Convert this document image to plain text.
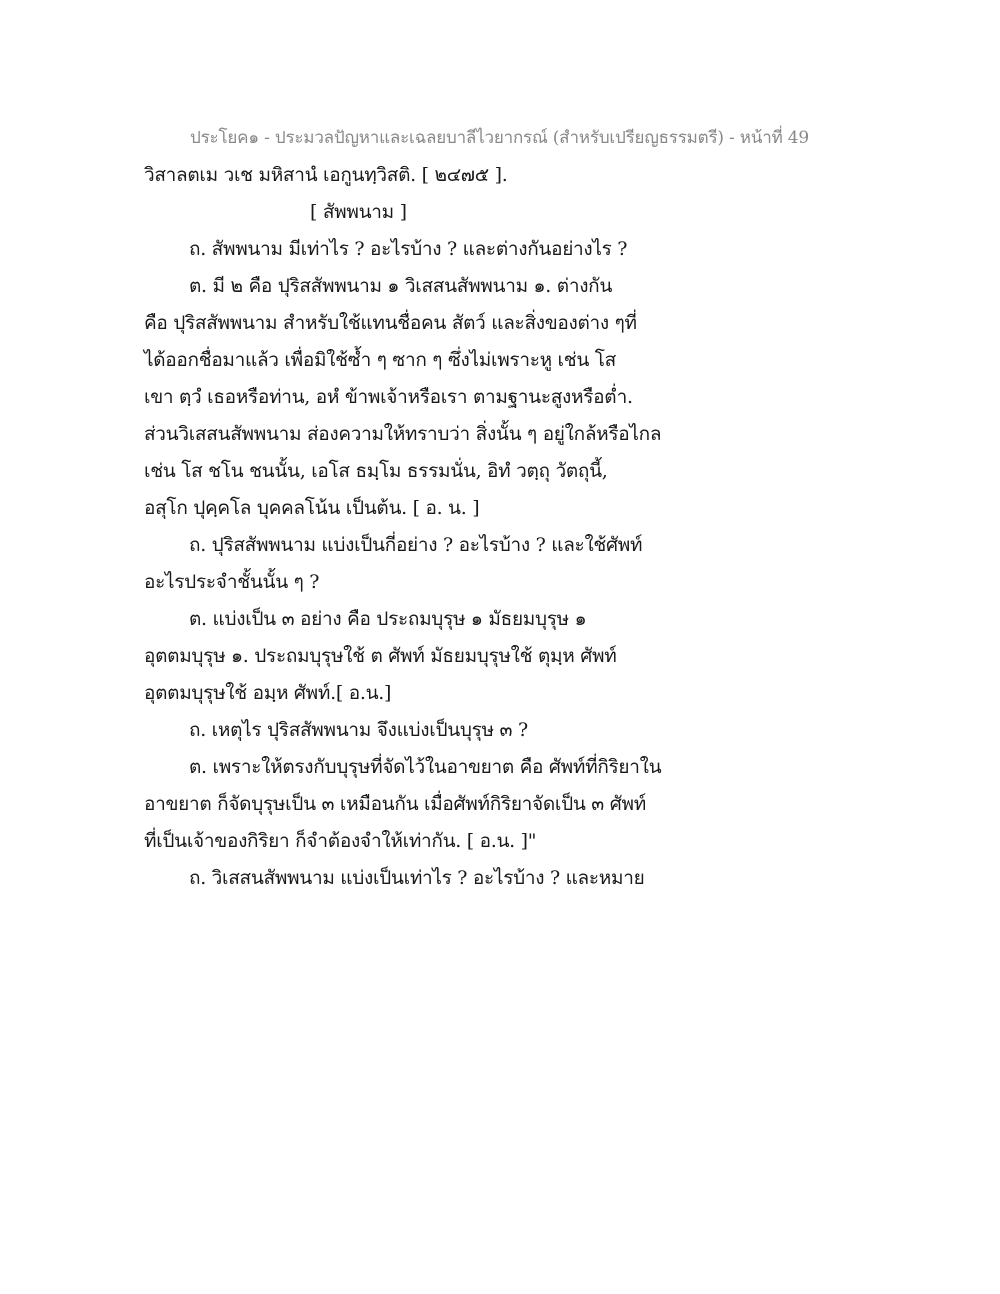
ประโยค๑ - ประมวลปัญหาและเฉลยบาลีไวยากรณ์ (สำหรับเปรียญธรรมตรี) - หน้าที่ 49
วิสาลตเม วเช มหิสานํ เอกูนทฺวิสติ. [ ๒๔๗๕ ].
[ สัพพนาม ]
ถ. สัพพนาม มีเท่าไร ? อะไรบ้าง ? และต่างกันอย่างไร ?
ต. มี ๒ คือ ปุริสสัพพนาม ๑ วิเสสนสัพพนาม ๑. ต่างกัน
คือ ปุริสสัพพนาม สำหรับใช้แทนชื่อคน สัตว์ และสิ่งของต่าง ๆที่
ได้ออกชื่อมาแล้ว เพื่อมิใช้ซ้ำ ๆ ซาก ๆ ซึ่งไม่เพราะหู เช่น โส
เขา ตฺวํ เธอหรือท่าน, อหํ ข้าพเจ้าหรือเรา ตามฐานะสูงหรือต่ำ.
ส่วนวิเสสนสัพพนาม ส่องความให้ทราบว่า สิ่งนั้น ๆ อยู่ใกล้หรือไกล
เช่น โส ชโน ชนนั้น, เอโส ธมฺโม ธรรมนั่น, อิทํ วตฺถุ วัตถุนี้,
อสุโก ปุคฺคโล บุคคลโน้น เป็นต้น. [ อ. น. ]
ถ. ปุริสสัพพนาม แบ่งเป็นกี่อย่าง ? อะไรบ้าง ? และใช้ศัพท์
อะไรประจำชั้นนั้น ๆ ?
ต. แบ่งเป็น ๓ อย่าง คือ ประถมบุรุษ ๑ มัธยมบุรุษ ๑
อุตตมบุรุษ ๑. ประถมบุรุษใช้ ต ศัพท์ มัธยมบุรุษใช้ ตุมฺห ศัพท์
อุตตมบุรุษใช้ อมฺห ศัพท์.[ อ.น.]
ถ. เหตุไร ปุริสสัพพนาม จึงแบ่งเป็นบุรุษ ๓ ?
ต. เพราะให้ตรงกับบุรุษที่จัดไว้ในอาขยาต คือ ศัพท์ที่กิริยาใน
อาขยาต ก็จัดบุรุษเป็น ๓ เหมือนกัน เมื่อศัพท์กิริยาจัดเป็น ๓ ศัพท์
ที่เป็นเจ้าของกิริยา ก็จำต้องจำให้เท่ากัน. [ อ.น. ]"
ถ. วิเสสนสัพพนาม แบ่งเป็นเท่าไร ? อะไรบ้าง ? และหมาย
